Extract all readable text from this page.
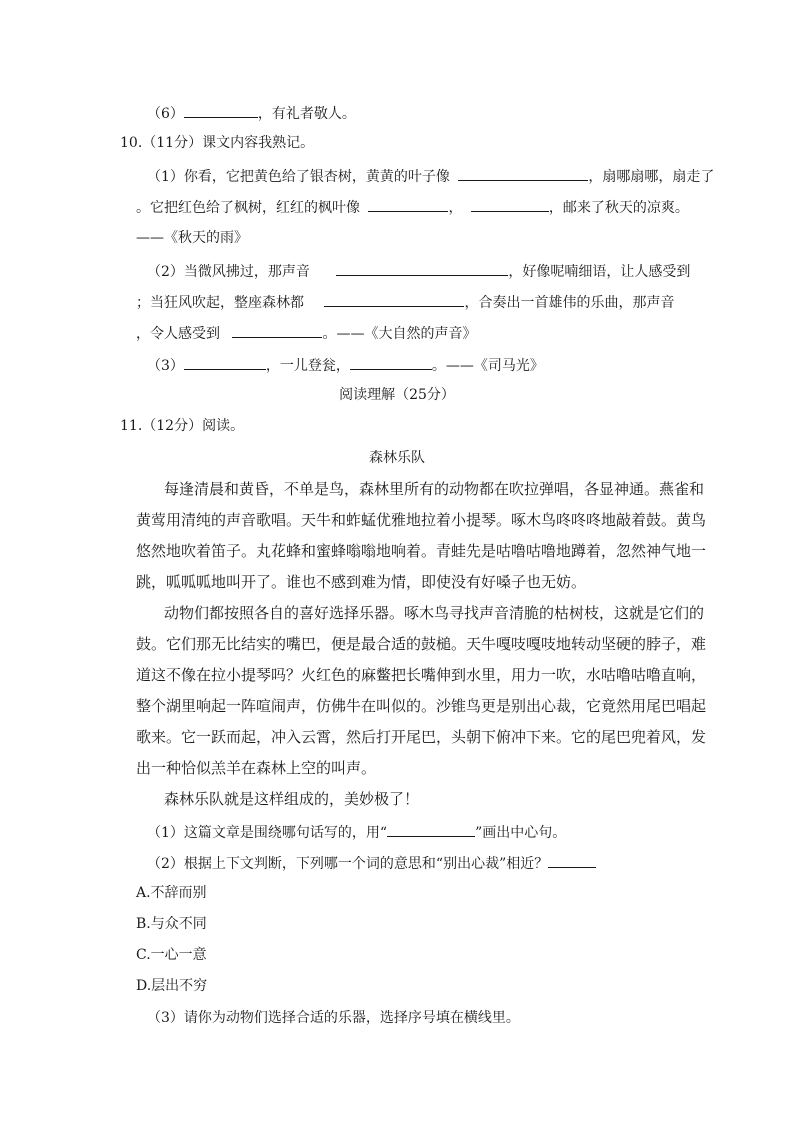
（6）	，有礼者敬人。
10.（11分）课文内容我熟记。
（1）你看，它把黄色给了银杏树，黄黄的叶子像	，扇哪扇哪，扇走了
。它把红色给了枫树，红红的枫叶像	，	，邮来了秋天的凉爽。
——《秋天的雨》
（2）当微风拂过，那声音	，好像呢喃细语，让人感受到
；当狂风吹起，整座森林都	，合奏出一首雄伟的乐曲，那声音
，令人感受到	。——《大自然的声音》
（3）	，一儿登瓮，	。——《司马光》
阅读理解（25分）
11.（12分）阅读。
森林乐队
每逢清晨和黄昏，不单是鸟，森林里所有的动物都在吹拉弹唱，各显神通。燕雀和
黄莺用清纯的声音歌唱。天牛和蚱蜢优雅地拉着小提琴。啄木鸟咚咚咚地敲着鼓。黄鸟
悠然地吹着笛子。丸花蜂和蜜蜂嗡嗡地响着。青蛙先是咕噜咕噜地蹲着，忽然神气地一
跳，呱呱呱地叫开了。谁也不感到难为情，即使没有好嗓子也无妨。
动物们都按照各自的喜好选择乐器。啄木鸟寻找声音清脆的枯树枝，这就是它们的
鼓。它们那无比结实的嘴巴，便是最合适的鼓槌。天牛嘎吱嘎吱地转动坚硬的脖子，难
道这不像在拉小提琴吗？火红色的麻鳖把长嘴伸到水里，用力一吹，水咕噜咕噜直响，
整个湖里响起一阵喧闹声，仿佛牛在叫似的。沙锥鸟更是别出心裁，它竟然用尾巴唱起
歌来。它一跃而起，冲入云霄，然后打开尾巴，头朝下俯冲下来。它的尾巴兜着风，发
出一种恰似羔羊在森林上空的叫声。
森林乐队就是这样组成的，美妙极了！
（1）这篇文章是围绕哪句话写的，用“	”画出中心句。
（2）根据上下文判断，下列哪一个词的意思和“别出心裁”相近？
A.不辞而别
B.与众不同
C.一心一意
D.层出不穷
（3）请你为动物们选择合适的乐器，选择序号填在横线里。
